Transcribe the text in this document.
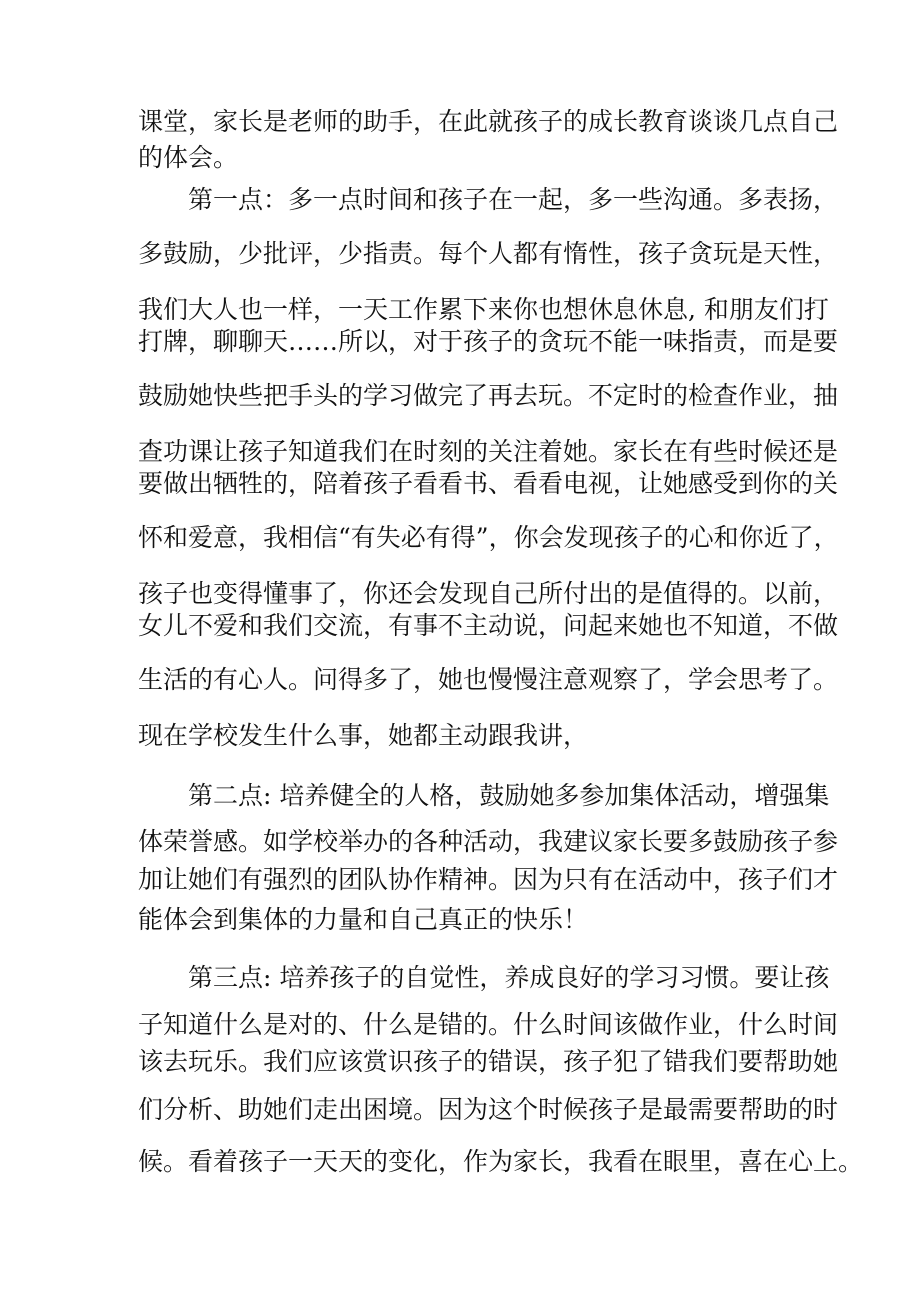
课堂，家长是老师的助手，在此就孩子的成长教育谈谈几点自己
的体会。
第一点：多一点时间和孩子在一起，多一些沟通。多表扬，
多鼓励，少批评，少指责。每个人都有惰性，孩子贪玩是天性，
我们大人也一样，一天工作累下来你也想休息休息, 和朋友们打
打牌，聊聊天……所以，对于孩子的贪玩不能一味指责，而是要
鼓励她快些把手头的学习做完了再去玩。不定时的检查作业，抽
查功课让孩子知道我们在时刻的关注着她。家长在有些时候还是
要做出牺牲的，陪着孩子看看书、看看电视，让她感受到你的关
怀和爱意，我相信“有失必有得”，你会发现孩子的心和你近了，
孩子也变得懂事了，你还会发现自己所付出的是值得的。以前，
女儿不爱和我们交流，有事不主动说，问起来她也不知道，不做
生活的有心人。问得多了，她也慢慢注意观察了，学会思考了。
现在学校发生什么事，她都主动跟我讲，
第二点: 培养健全的人格，鼓励她多参加集体活动，增强集
体荣誉感。如学校举办的各种活动，我建议家长要多鼓励孩子参
加让她们有强烈的团队协作精神。因为只有在活动中，孩子们才
能体会到集体的力量和自己真正的快乐！
第三点: 培养孩子的自觉性，养成良好的学习习惯。要让孩
子知道什么是对的、什么是错的。什么时间该做作业，什么时间
该去玩乐。我们应该赏识孩子的错误，孩子犯了错我们要帮助她
们分析、助她们走出困境。因为这个时候孩子是最需要帮助的时
候。看着孩子一天天的变化，作为家长，我看在眼里，喜在心上。
